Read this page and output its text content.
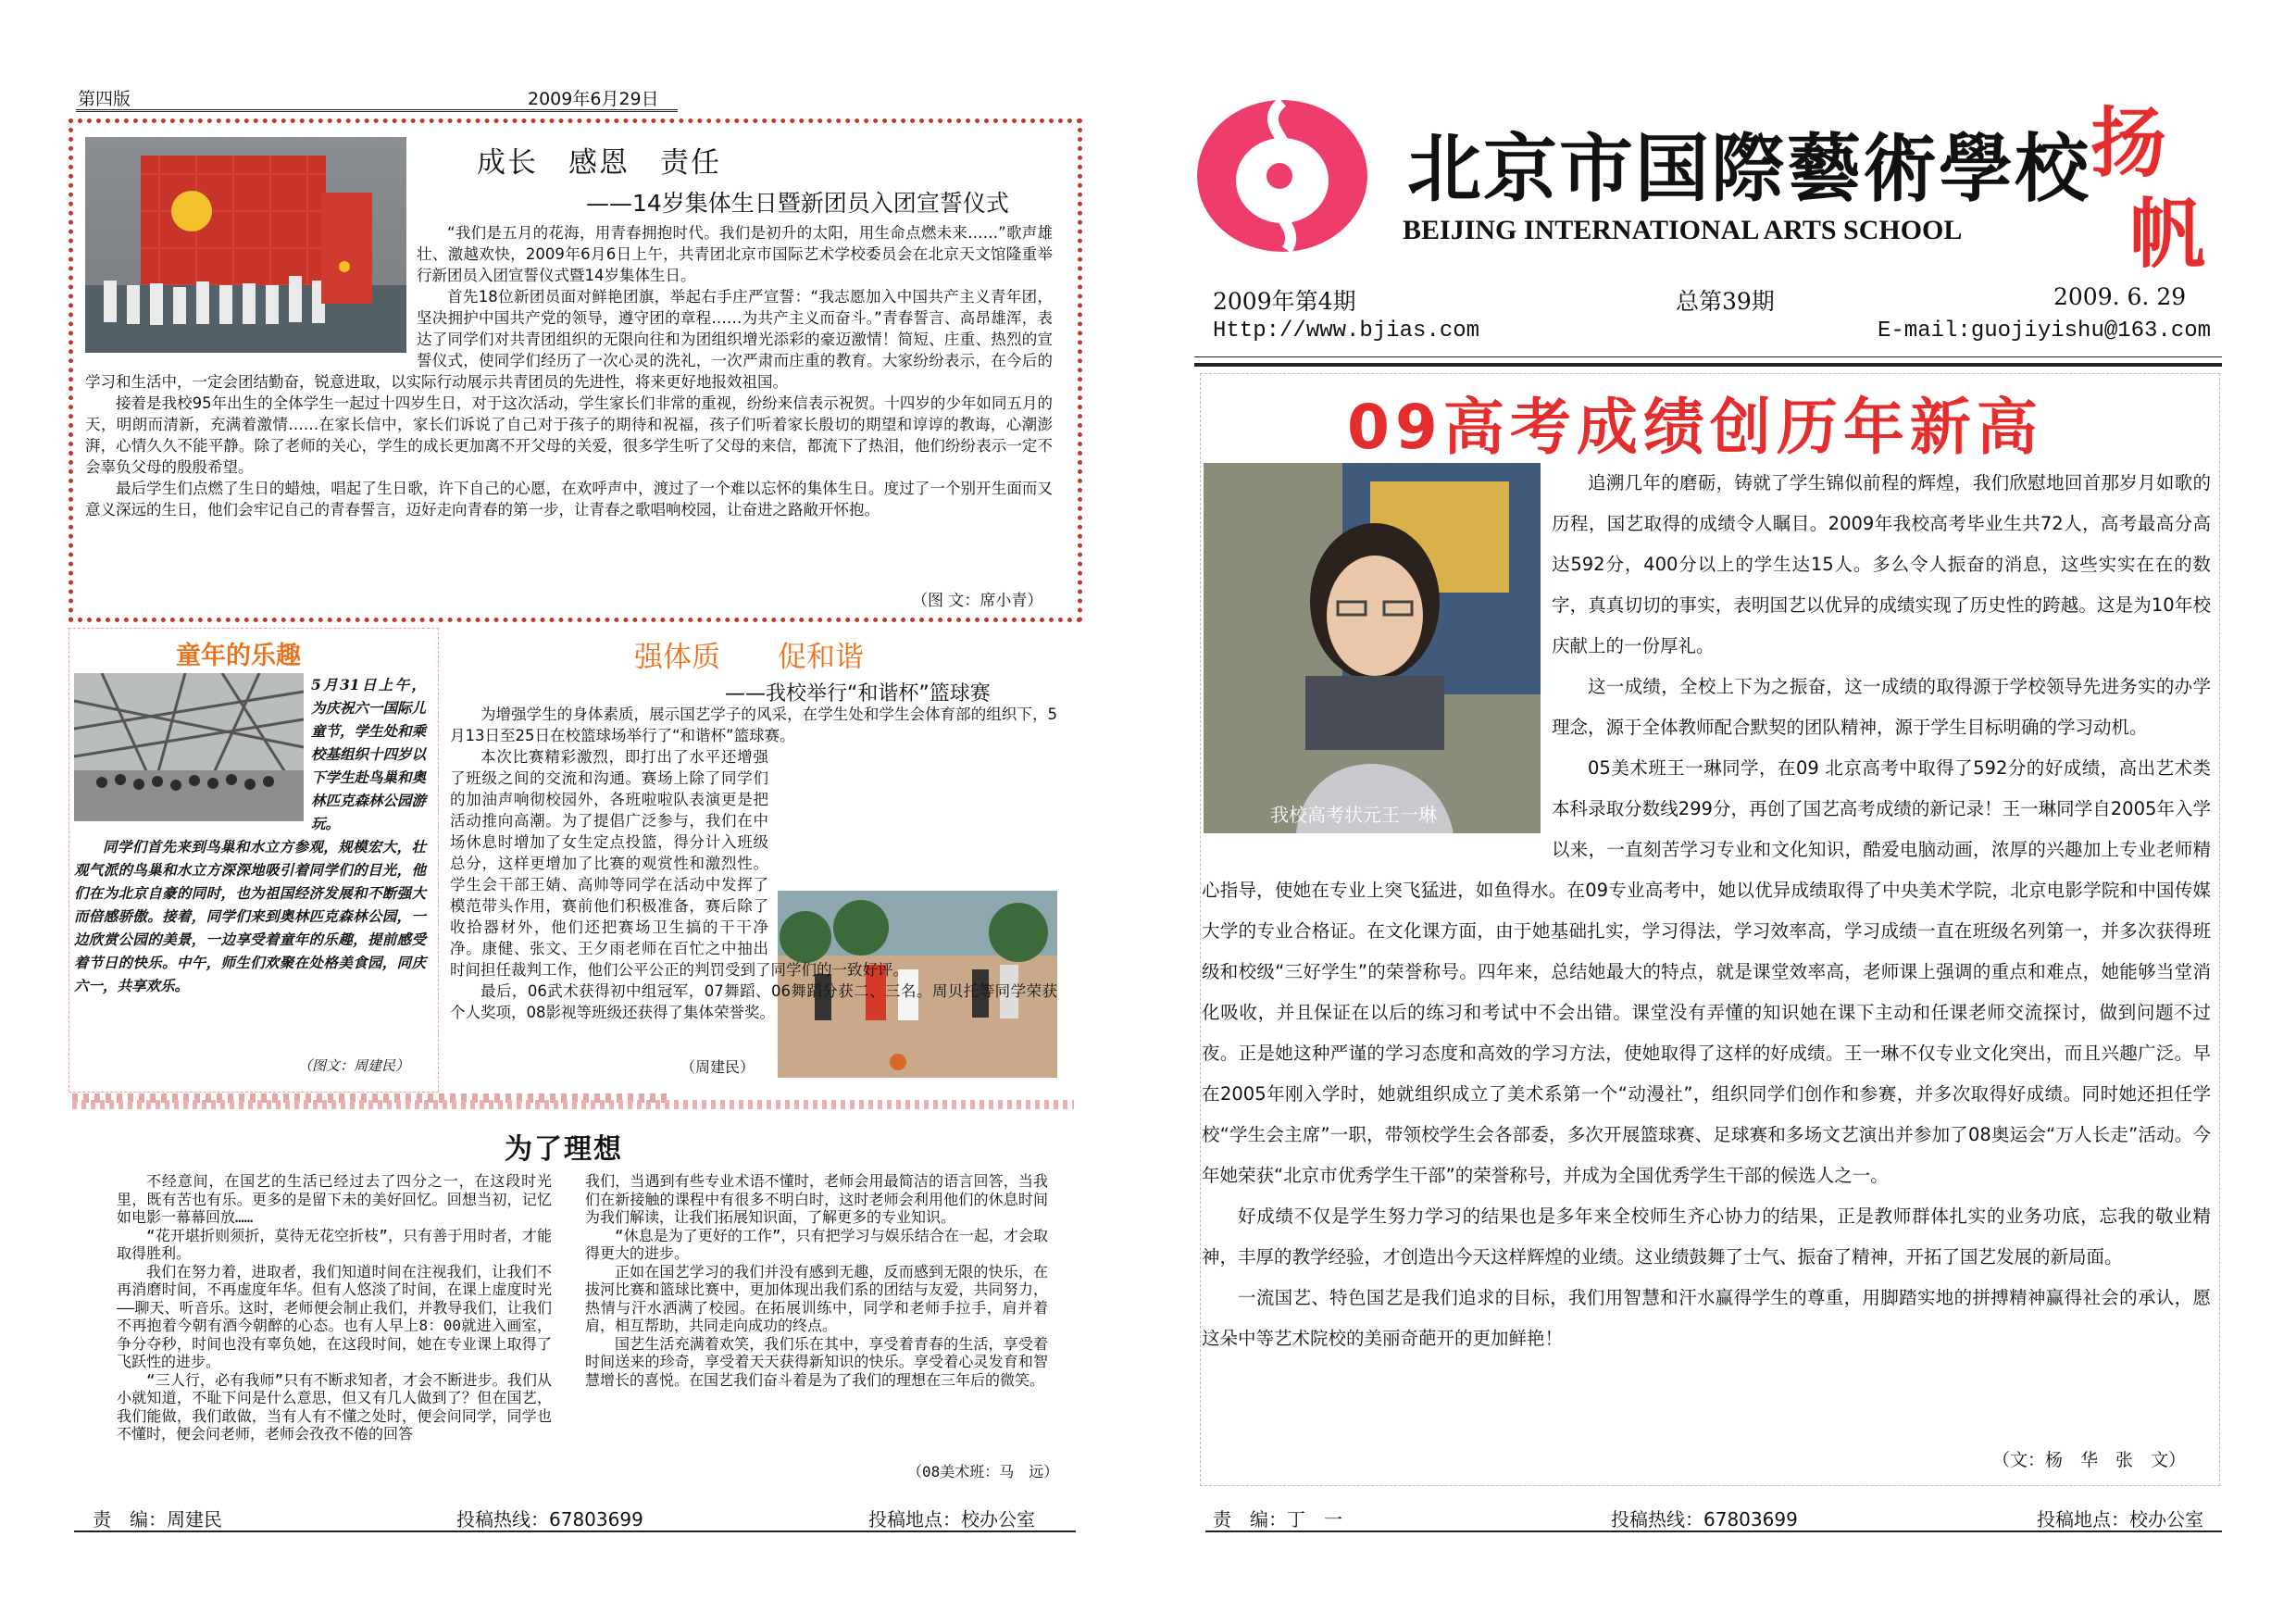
第四版	2009年6月29日
成长　感恩　责任
——14岁集体生日暨新团员入团宣誓仪式

“我们是五月的花海，用青春拥抱时代。我们是初升的太阳，用生命点燃未来……”歌声雄壮、激越欢快，2009年6月6日上午，共青团北京市国际艺术学校委员会在北京天文馆隆重举行新团员入团宣誓仪式暨14岁集体生日。

首先18位新团员面对鲜艳团旗，举起右手庄严宣誓：“我志愿加入中国共产主义青年团，坚决拥护中国共产党的领导，遵守团的章程……为共产主义而奋斗。”青春誓言、高昂雄浑，表达了同学们对共青团组织的无限向往和为团组织增光添彩的豪迈激情！简短、庄重、热烈的宣誓仪式，使同学们经历了一次心灵的洗礼，一次严肃而庄重的教育。大家纷纷表示，在今后的学习和生活中，一定会团结勤奋，锐意进取，以实际行动展示共青团员的先进性，将来更好地报效祖国。

接着是我校95年出生的全体学生一起过十四岁生日，对于这次活动，学生家长们非常的重视，纷纷来信表示祝贺。十四岁的少年如同五月的天，明朗而清新，充满着激情……在家长信中，家长们诉说了自己对于孩子的期待和祝福，孩子们听着家长殷切的期望和谆谆的教诲，心潮澎湃，心情久久不能平静。除了老师的关心，学生的成长更加离不开父母的关爱，很多学生听了父母的来信，都流下了热泪，他们纷纷表示一定不会辜负父母的殷殷希望。

最后学生们点燃了生日的蜡烛，唱起了生日歌，许下自己的心愿，在欢呼声中，渡过了一个难以忘怀的集体生日。度过了一个别开生面而又意义深远的生日，他们会牢记自己的青春誓言，迈好走向青春的第一步，让青春之歌唱响校园，让奋进之路敞开怀抱。

（图 文：席小青）
童年的乐趣

5月31日上午，为庆祝六一国际儿童节，学生处和乘校基组织十四岁以下学生赴鸟巢和奥林匹克森林公园游玩。

同学们首先来到鸟巢和水立方参观，规模宏大，壮观气派的鸟巢和水立方深深地吸引着同学们的目光，他们在为北京自豪的同时，也为祖国经济发展和不断强大而倍感骄傲。接着，同学们来到奥林匹克森林公园，一边欣赏公园的美景，一边享受着童年的乐趣，提前感受着节日的快乐。中午，师生们欢聚在处格美食园，同庆六一，共享欢乐。

（图文：周建民）
强体质　　促和谐
——我校举行“和谐杯”篮球赛

为增强学生的身体素质，展示国艺学子的风采，在学生处和学生会体育部的组织下，5月13日至25日在校篮球场举行了“和谐杯”篮球赛。

本次比赛精彩激烈，即打出了水平还增强了班级之间的交流和沟通。赛场上除了同学们的加油声响彻校园外，各班啦啦队表演更是把活动推向高潮。为了提倡广泛参与，我们在中场休息时增加了女生定点投篮，得分计入班级总分，这样更增加了比赛的观赏性和激烈性。学生会干部王婧、高帅等同学在活动中发挥了模范带头作用，赛前他们积极准备，赛后除了收拾器材外，他们还把赛场卫生搞的干干净净。康健、张文、王夕雨老师在百忙之中抽出时间担任裁判工作，他们公平公正的判罚受到了同学们的一致好评。

最后，06武术获得初中组冠军，07舞蹈、06舞蹈分获二、三名。周贝托等同学荣获个人奖项，08影视等班级还获得了集体荣誉奖。

（周建民）
为了理想

不经意间，在国艺的生活已经过去了四分之一，在这段时光里，既有苦也有乐。更多的是留下未的美好回忆。回想当初，记忆如电影一幕幕回放……

“花开堪折则须折，莫待无花空折枝”，只有善于用时者，才能取得胜利。

我们在努力着，进取者，我们知道时间在注视我们，让我们不再消磨时间，不再虚度年华。但有人悠淡了时间，在课上虚度时光——聊天、听音乐。这时，老师便会制止我们，并教导我们，让我们不再抱着今朝有酒今朝醉的心态。也有人早上8：00就进入画室，争分夺秒，时间也没有辜负她，在这段时间，她在专业课上取得了飞跃性的进步。

“三人行，必有我师”只有不断求知者，才会不断进步。我们从小就知道，不耻下问是什么意思，但又有几人做到了？但在国艺，我们能做，我们敢做，当有人有不懂之处时，便会问同学，同学也不懂时，便会问老师，老师会孜孜不倦的回答

我们，当遇到有些专业术语不懂时，老师会用最简洁的语言回答，当我们在新接触的课程中有很多不明白时，这时老师会利用他们的休息时间为我们解读，让我们拓展知识面，了解更多的专业知识。

“休息是为了更好的工作”，只有把学习与娱乐结合在一起，才会取得更大的进步。

正如在国艺学习的我们并没有感到无趣，反而感到无限的快乐，在拔河比赛和篮球比赛中，更加体现出我们系的团结与友爱，共同努力，热情与汗水洒满了校园。在拓展训练中，同学和老师手拉手，肩并着肩，相互帮助，共同走向成功的终点。

国艺生活充满着欢笑，我们乐在其中，享受着青春的生活，享受着时间送来的珍奇，享受着天天获得新知识的快乐。享受着心灵发育和智慧增长的喜悦。在国艺我们奋斗着是为了我们的理想在三年后的微笑。

（08美术班：马　远）
责　编：周建民	投稿热线：67803699	投稿地点：校办公室
北京市国際藝術學校
BEIJING INTERNATIONAL ARTS SCHOOL
扬
帆
2009年第4期	总第39期	2009. 6. 29
Http://www.bjias.com	E-mail:guojiyishu@163.com
09高考成绩创历年新高
我校高考状元王一琳

追溯几年的磨砺，铸就了学生锦似前程的辉煌，我们欣慰地回首那岁月如歌的历程，国艺取得的成绩令人瞩目。2009年我校高考毕业生共72人，高考最高分高达592分，400分以上的学生达15人。多么令人振奋的消息，这些实实在在的数字，真真切切的事实，表明国艺以优异的成绩实现了历史性的跨越。这是为10年校庆献上的一份厚礼。

这一成绩，全校上下为之振奋，这一成绩的取得源于学校领导先进务实的办学理念，源于全体教师配合默契的团队精神，源于学生目标明确的学习动机。

05美术班王一琳同学，在09 北京高考中取得了592分的好成绩，高出艺术类本科录取分数线299分，再创了国艺高考成绩的新记录！王一琳同学自2005年入学以来，一直刻苦学习专业和文化知识，酷爱电脑动画，浓厚的兴趣加上专业老师精心指导，使她在专业上突飞猛进，如鱼得水。在09专业高考中，她以优异成绩取得了中央美术学院，北京电影学院和中国传媒大学的专业合格证。在文化课方面，由于她基础扎实，学习得法，学习效率高，学习成绩一直在班级名列第一，并多次获得班级和校级“三好学生”的荣誉称号。四年来，总结她最大的特点，就是课堂效率高，老师课上强调的重点和难点，她能够当堂消化吸收，并且保证在以后的练习和考试中不会出错。课堂没有弄懂的知识她在课下主动和任课老师交流探讨，做到问题不过夜。正是她这种严谨的学习态度和高效的学习方法，使她取得了这样的好成绩。王一琳不仅专业文化突出，而且兴趣广泛。早在2005年刚入学时，她就组织成立了美术系第一个“动漫社”，组织同学们创作和参赛，并多次取得好成绩。同时她还担任学校“学生会主席”一职，带领校学生会各部委，多次开展篮球赛、足球赛和多场文艺演出并参加了08奥运会“万人长走”活动。今年她荣获“北京市优秀学生干部”的荣誉称号，并成为全国优秀学生干部的候选人之一。

好成绩不仅是学生努力学习的结果也是多年来全校师生齐心协力的结果，正是教师群体扎实的业务功底，忘我的敬业精神，丰厚的教学经验，才创造出今天这样辉煌的业绩。这业绩鼓舞了士气、振奋了精神，开拓了国艺发展的新局面。

一流国艺、特色国艺是我们追求的目标，我们用智慧和汗水赢得学生的尊重，用脚踏实地的拼搏精神赢得社会的承认，愿这朵中等艺术院校的美丽奇葩开的更加鲜艳！

（文：杨　华　张　文）
责　编：丁　一	投稿热线：67803699	投稿地点：校办公室
